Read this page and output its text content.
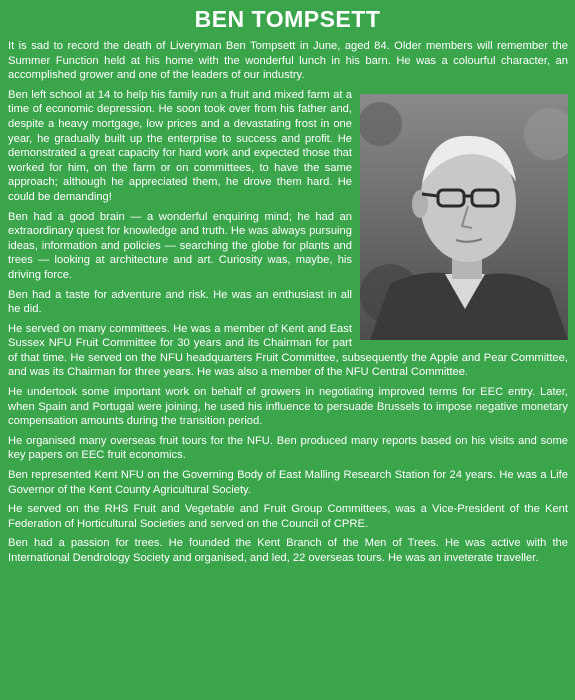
BEN TOMPSETT

It is sad to record the death of Liveryman Ben Tompsett in June, aged 84. Older members will remember the Summer Function held at his home with the wonderful lunch in his barn. He was a colourful character, an accomplished grower and one of the leaders of our industry.

Ben left school at 14 to help his family run a fruit and mixed farm at a time of economic depression. He soon took over from his father and, despite a heavy mortgage, low prices and a devastating frost in one year, he gradually built up the enterprise to success and profit. He demonstrated a great capacity for hard work and expected those that worked for him, on the farm or on committees, to have the same approach; although he appreciated them, he drove them hard. He could be demanding!

Ben had a good brain — a wonderful enquiring mind; he had an extraordinary quest for knowledge and truth. He was always pursuing ideas, information and policies — searching the globe for plants and trees — looking at architecture and art. Curiosity was, maybe, his driving force.

Ben had a taste for adventure and risk. He was an enthusiast in all he did.

He served on many committees. He was a member of Kent and East Sussex NFU Fruit Committee for 30 years and its Chairman for part of that time. He served on the NFU headquarters Fruit Committee, subsequently the Apple and Pear Committee, and was its Chairman for three years. He was also a member of the NFU Central Committee.

He undertook some important work on behalf of growers in negotiating improved terms for EEC entry. Later, when Spain and Portugal were joining, he used his influence to persuade Brussels to impose negative monetary compensation amounts during the transition period.

He organised many overseas fruit tours for the NFU. Ben produced many reports based on his visits and some key papers on EEC fruit economics.

Ben represented Kent NFU on the Governing Body of East Malling Research Station for 24 years. He was a Life Governor of the Kent County Agricultural Society.

He served on the RHS Fruit and Vegetable and Fruit Group Committees, was a Vice-President of the Kent Federation of Horticultural Societies and served on the Council of CPRE.

Ben had a passion for trees. He founded the Kent Branch of the Men of Trees. He was active with the International Dendrology Society and organised, and led, 22 overseas tours. He was an inveterate traveller.
